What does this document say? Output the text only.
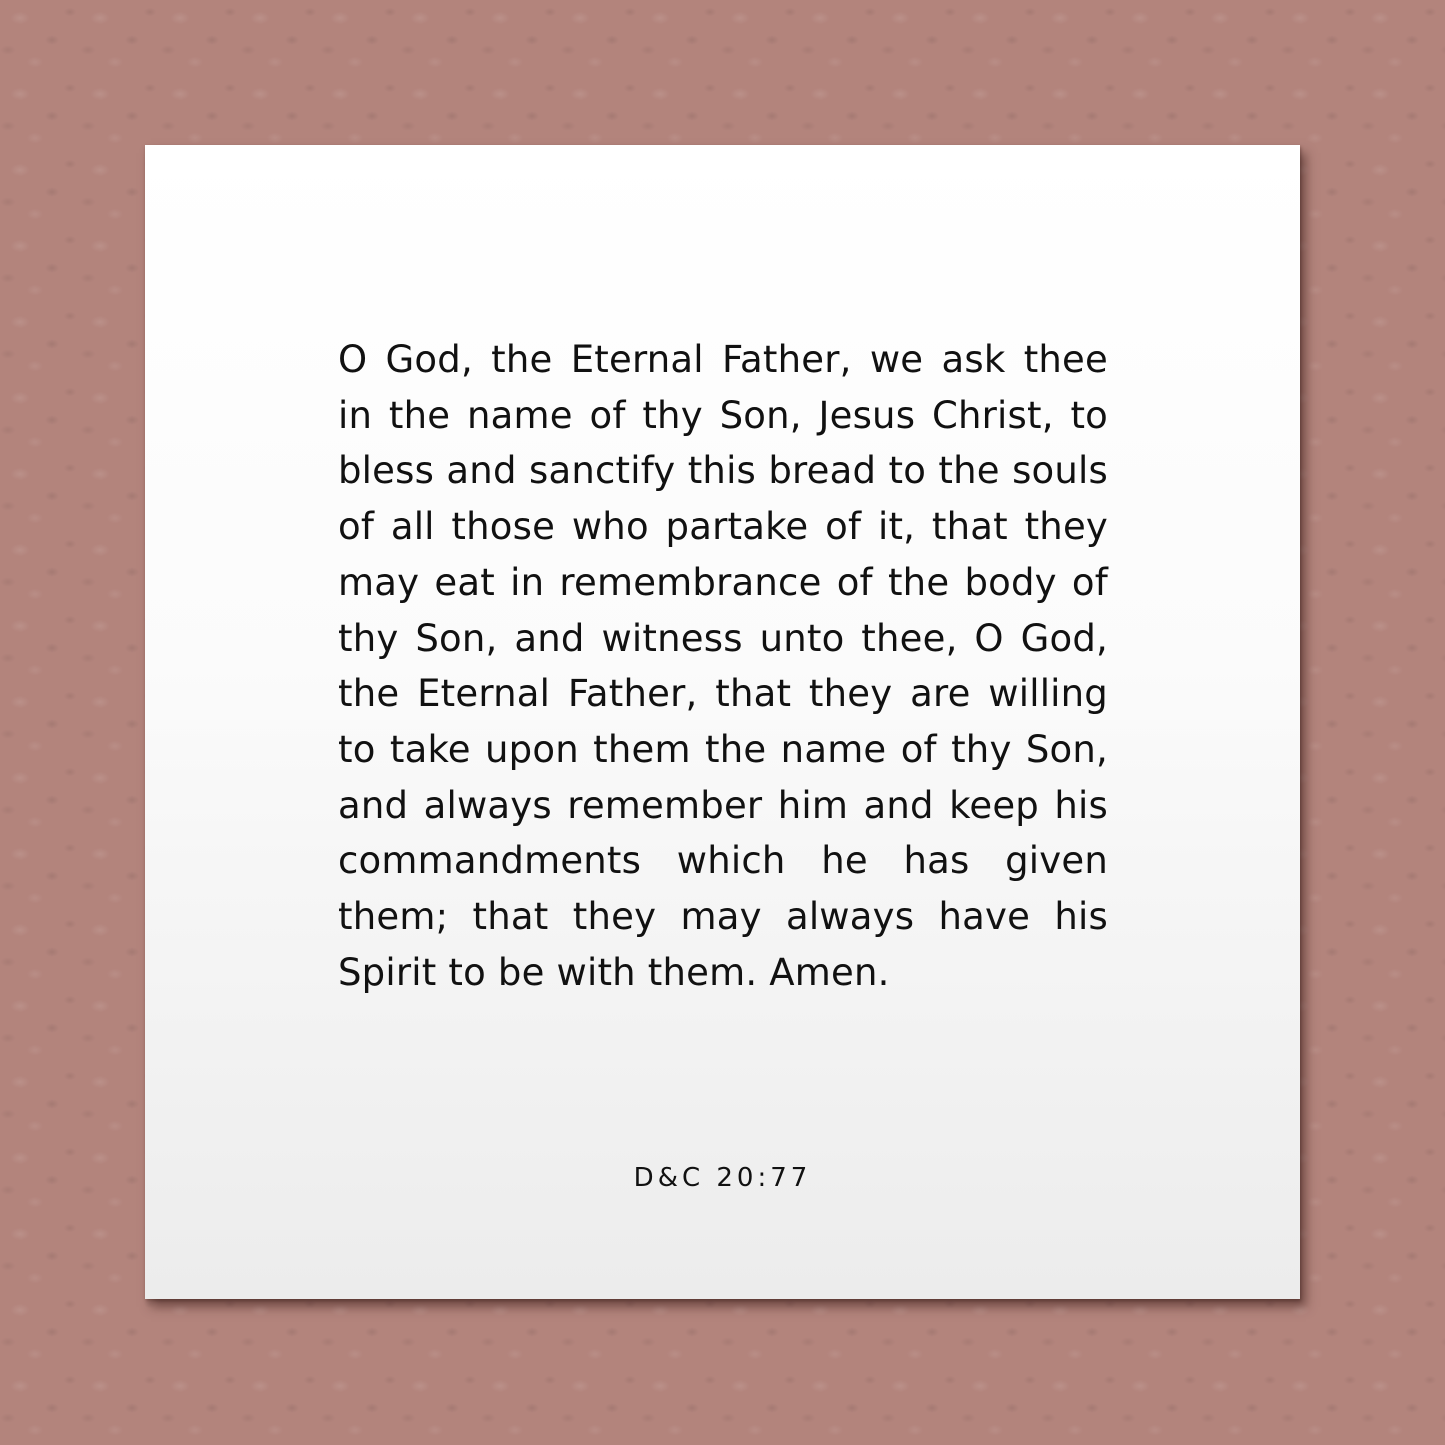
O God, the Eternal Father, we ask thee in the name of thy Son, Jesus Christ, to bless and sanctify this bread to the souls of all those who partake of it, that they may eat in remembrance of the body of thy Son, and witness unto thee, O God, the Eternal Father, that they are willing to take upon them the name of thy Son, and always remember him and keep his commandments which he has given them; that they may always have his Spirit to be with them. Amen.

D&C 20:77
